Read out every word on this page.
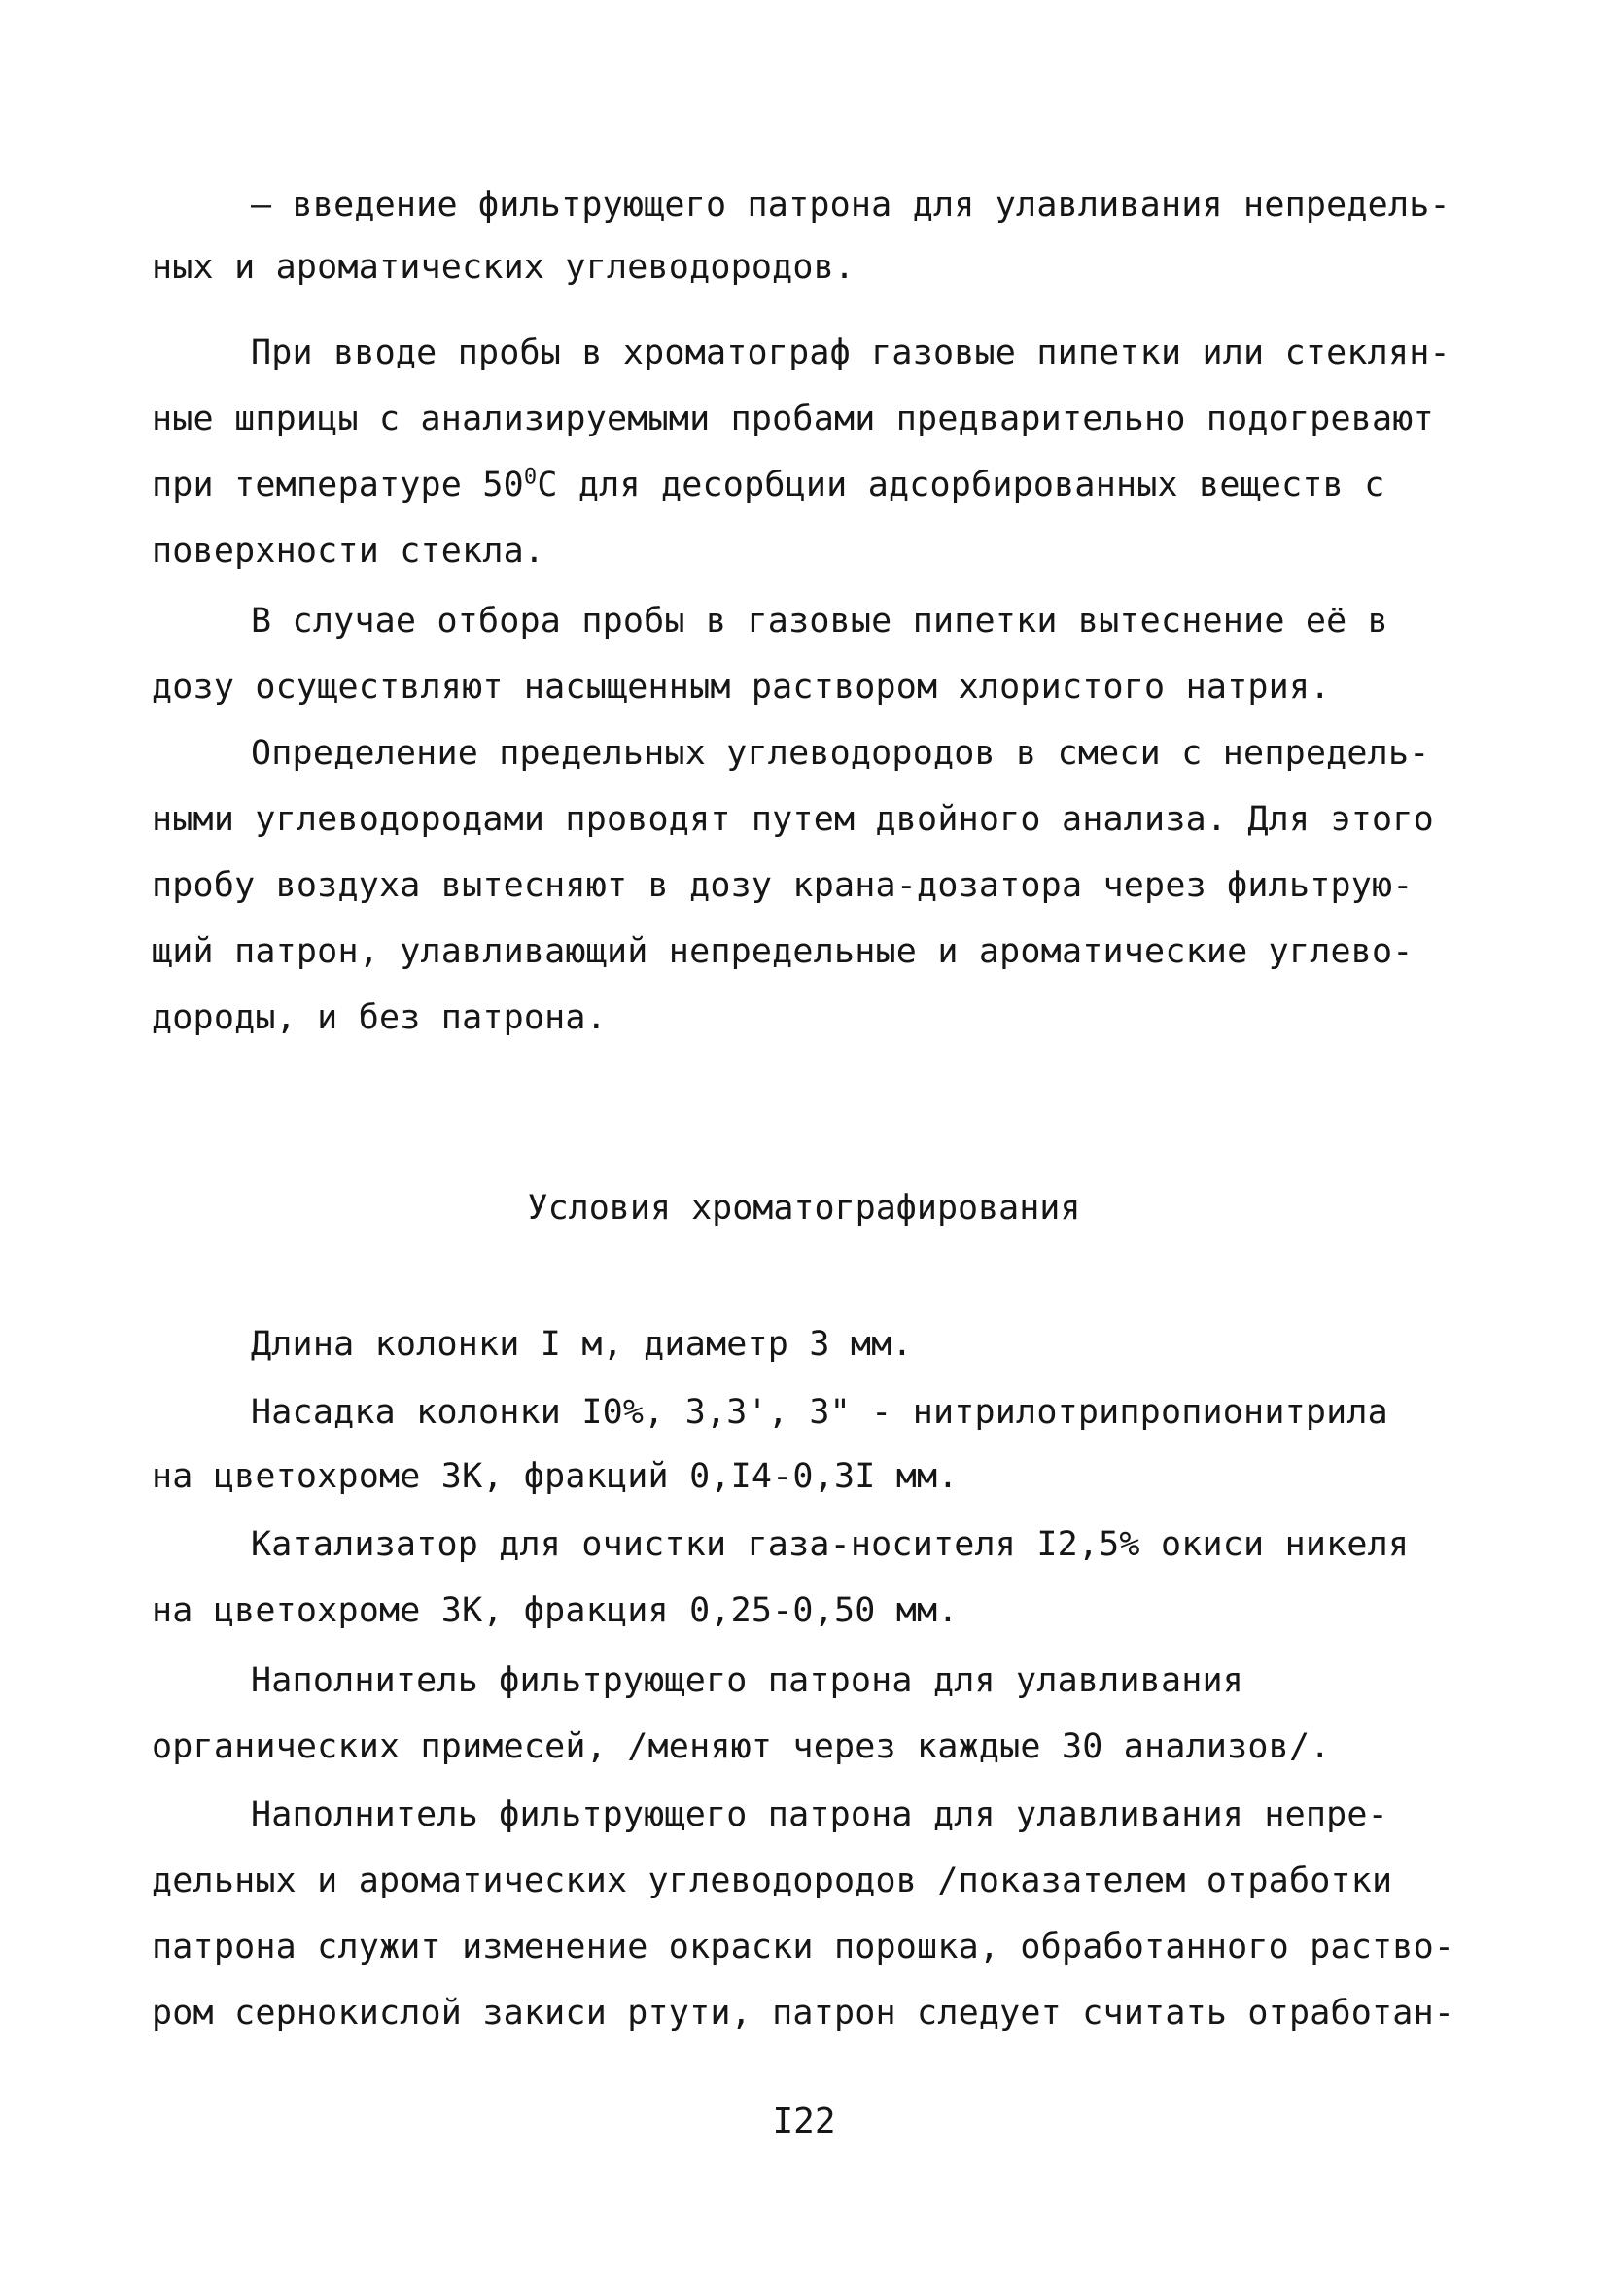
– введение фильтрующего патрона для улавливания непредель-
ных и ароматических углеводородов.
При вводе пробы в хроматограф газовые пипетки или стеклян-
ные шприцы с анализируемыми пробами предварительно подогревают
при температуре $50^0С$ для десорбции адсорбированных веществ с
поверхности стекла.
В случае отбора пробы в газовые пипетки вытеснение её в
дозу осуществляют насыщенным раствором хлористого натрия.
Определение предельных углеводородов в смеси с непредель-
ными углеводородами проводят путем двойного анализа. Для этого
пробу воздуха вытесняют в дозу крана-дозатора через фильтрую-
щий патрон, улавливающий непредельные и ароматические углево-
дороды, и без патрона.
Условия хроматографирования
Длина колонки I м, диаметр 3 мм.
Насадка колонки I0%, 3,3', 3" - нитрилотрипропионитрила
на цветохроме 3К, фракций 0,I4-0,3I мм.
Катализатор для очистки газа-носителя I2,5% окиси никеля
на цветохроме 3К, фракция 0,25-0,50 мм.
Наполнитель фильтрующего патрона для улавливания
органических примесей, /меняют через каждые 30 анализов/.
Наполнитель фильтрующего патрона для улавливания непре-
дельных и ароматических углеводородов /показателем отработки
патрона служит изменение окраски порошка, обработанного раство-
ром сернокислой закиси ртути, патрон следует считать отработан-
I22
